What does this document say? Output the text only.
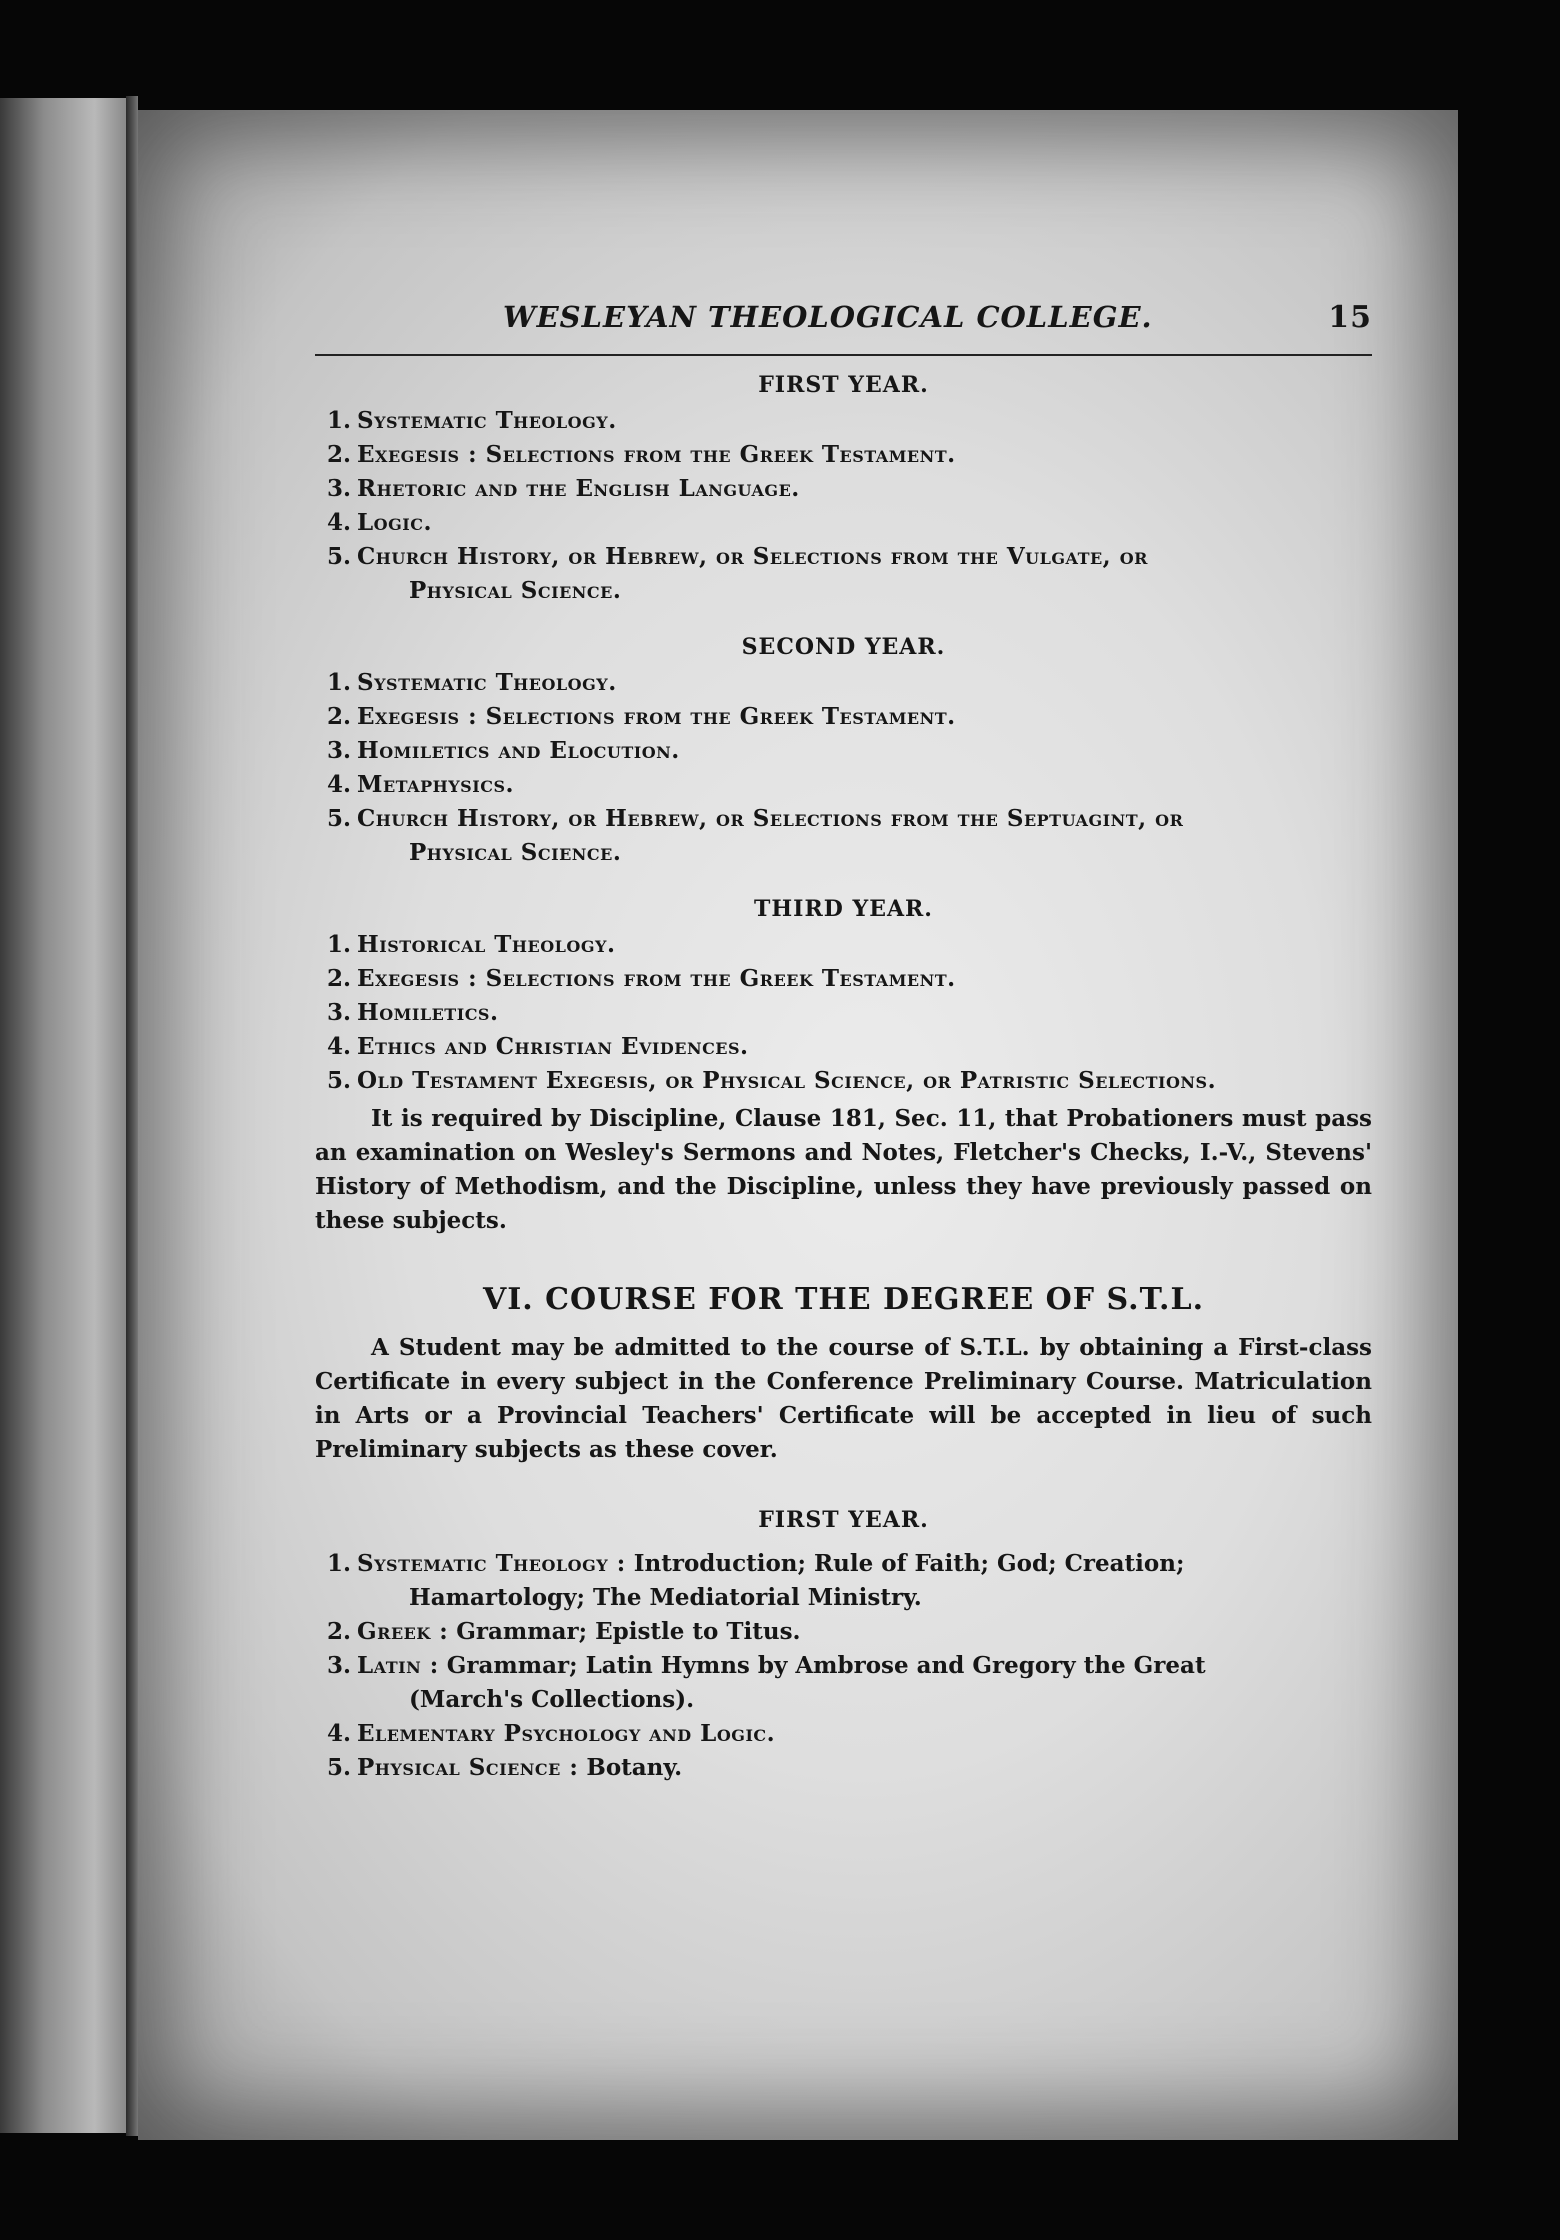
WESLEYAN THEOLOGICAL COLLEGE.	15
FIRST YEAR.
1. Systematic Theology.
2. Exegesis : Selections from the Greek Testament.
3. Rhetoric and the English Language.
4. Logic.
5. Church History, or Hebrew, or Selections from the Vulgate, or
Physical Science.
SECOND YEAR.
1. Systematic Theology.
2. Exegesis : Selections from the Greek Testament.
3. Homiletics and Elocution.
4. Metaphysics.
5. Church History, or Hebrew, or Selections from the Septuagint, or
Physical Science.
THIRD YEAR.
1. Historical Theology.
2. Exegesis : Selections from the Greek Testament.
3. Homiletics.
4. Ethics and Christian Evidences.
5. Old Testament Exegesis, or Physical Science, or Patristic Selections.

It is required by Discipline, Clause 181, Sec. 11, that Probationers must pass an examination on Wesley's Sermons and Notes, Fletcher's Checks, I.-V., Stevens' History of Methodism, and the Discipline, unless they have previously passed on these subjects.

VI. COURSE FOR THE DEGREE OF S.T.L.

A Student may be admitted to the course of S.T.L. by obtaining a First-class Certificate in every subject in the Conference Preliminary Course. Matriculation in Arts or a Provincial Teachers' Certificate will be accepted in lieu of such Preliminary subjects as these cover.

FIRST YEAR.
1. Systematic Theology : Introduction; Rule of Faith; God; Creation;
Hamartology; The Mediatorial Ministry.
2. Greek : Grammar; Epistle to Titus.
3. Latin : Grammar; Latin Hymns by Ambrose and Gregory the Great
(March's Collections).
4. Elementary Psychology and Logic.
5. Physical Science : Botany.
